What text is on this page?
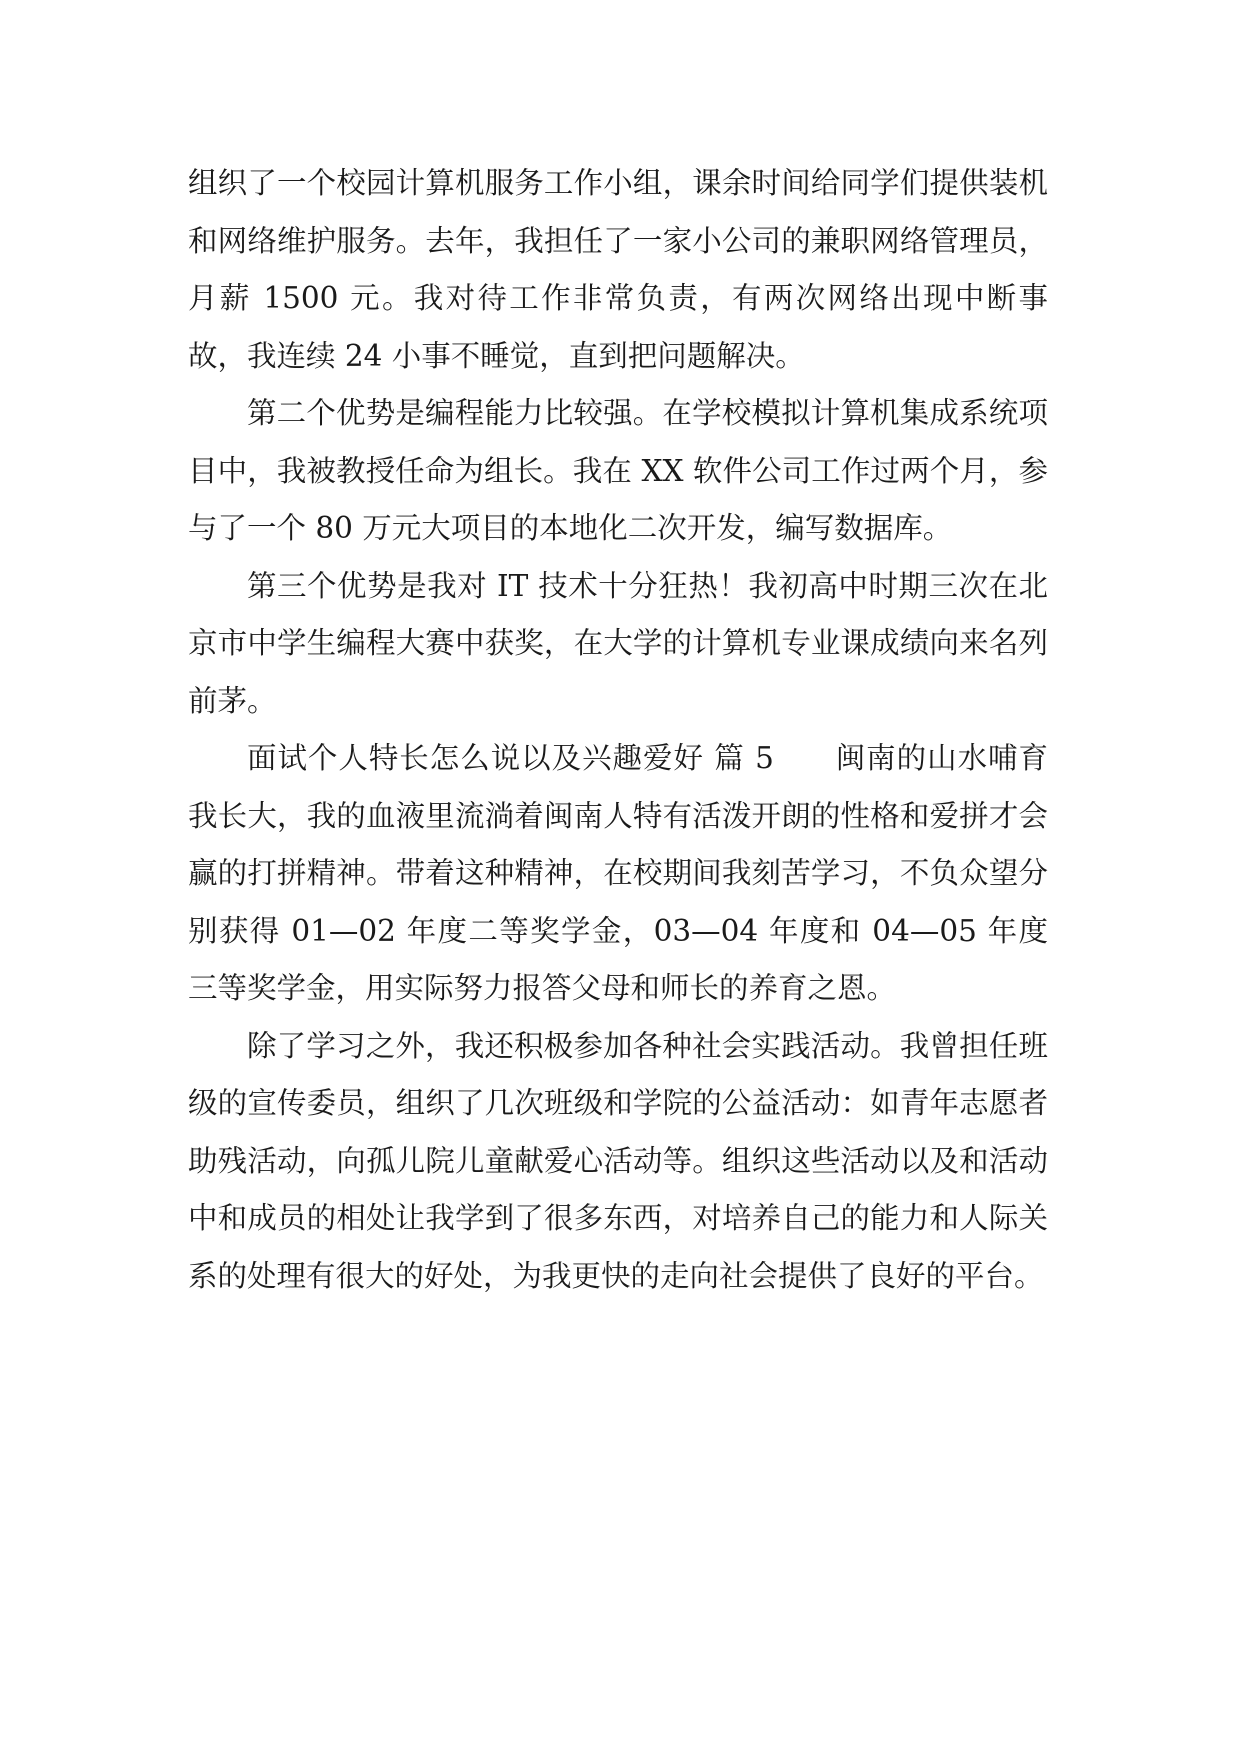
组织了一个校园计算机服务工作小组，课余时间给同学们提供装机和网络维护服务。去年，我担任了一家小公司的兼职网络管理员，月薪 1500 元。我对待工作非常负责，有两次网络出现中断事故，我连续 24 小事不睡觉，直到把问题解决。

第二个优势是编程能力比较强。在学校模拟计算机集成系统项目中，我被教授任命为组长。我在 XX 软件公司工作过两个月，参与了一个 80 万元大项目的本地化二次开发，编写数据库。

第三个优势是我对 IT 技术十分狂热！我初高中时期三次在北京市中学生编程大赛中获奖，在大学的计算机专业课成绩向来名列前茅。

面试个人特长怎么说以及兴趣爱好 篇 5　　闽南的山水哺育我长大，我的血液里流淌着闽南人特有活泼开朗的性格和爱拼才会赢的打拼精神。带着这种精神，在校期间我刻苦学习，不负众望分别获得 01—02 年度二等奖学金，03—04 年度和 04—05 年度三等奖学金，用实际努力报答父母和师长的养育之恩。

除了学习之外，我还积极参加各种社会实践活动。我曾担任班级的宣传委员，组织了几次班级和学院的公益活动：如青年志愿者助残活动，向孤儿院儿童献爱心活动等。组织这些活动以及和活动中和成员的相处让我学到了很多东西，对培养自己的能力和人际关系的处理有很大的好处，为我更快的走向社会提供了良好的平台。
